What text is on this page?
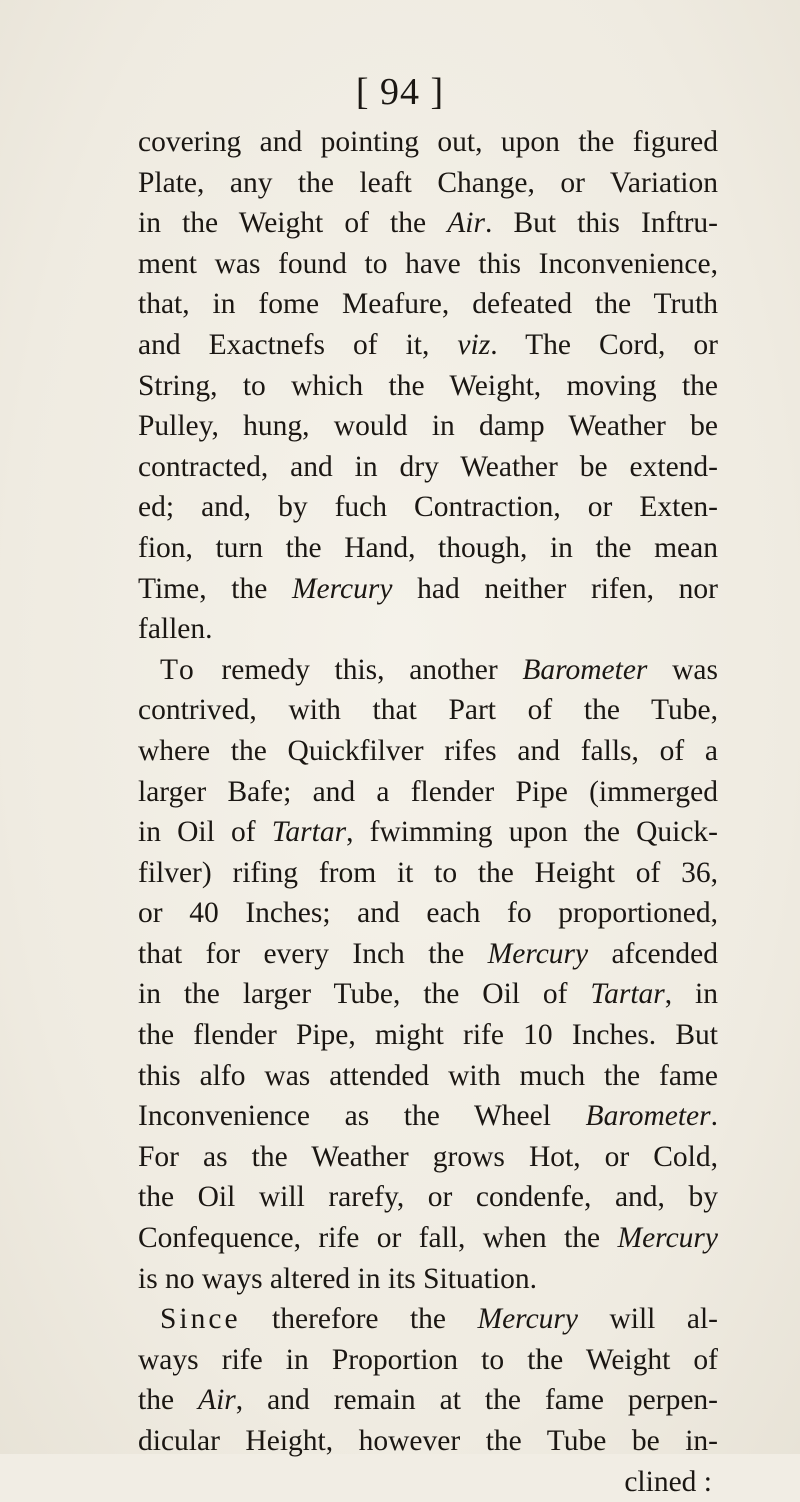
[ 94 ]
covering and pointing out, upon the figured
Plate, any the leaft Change, or Variation
in the Weight of the Air. But this Inftru-
ment was found to have this Inconvenience,
that, in fome Meafure, defeated the Truth
and Exactnefs of it, viz. The Cord, or
String, to which the Weight, moving the
Pulley, hung, would in damp Weather be
contracted, and in dry Weather be extend-
ed; and, by fuch Contraction, or Exten-
fion, turn the Hand, though, in the mean
Time, the Mercury had neither rifen, nor
fallen.
To remedy this, another Barometer was
contrived, with that Part of the Tube,
where the Quickfilver rifes and falls, of a
larger Bafe; and a flender Pipe (immerged
in Oil of Tartar, fwimming upon the Quick-
filver) rifing from it to the Height of 36,
or 40 Inches; and each fo proportioned,
that for every Inch the Mercury afcended
in the larger Tube, the Oil of Tartar, in
the flender Pipe, might rife 10 Inches. But
this alfo was attended with much the fame
Inconvenience as the Wheel Barometer.
For as the Weather grows Hot, or Cold,
the Oil will rarefy, or condenfe, and, by
Confequence, rife or fall, when the Mercury
is no ways altered in its Situation.
Since therefore the Mercury will al-
ways rife in Proportion to the Weight of
the Air, and remain at the fame perpen-
dicular Height, however the Tube be in-
clined :
